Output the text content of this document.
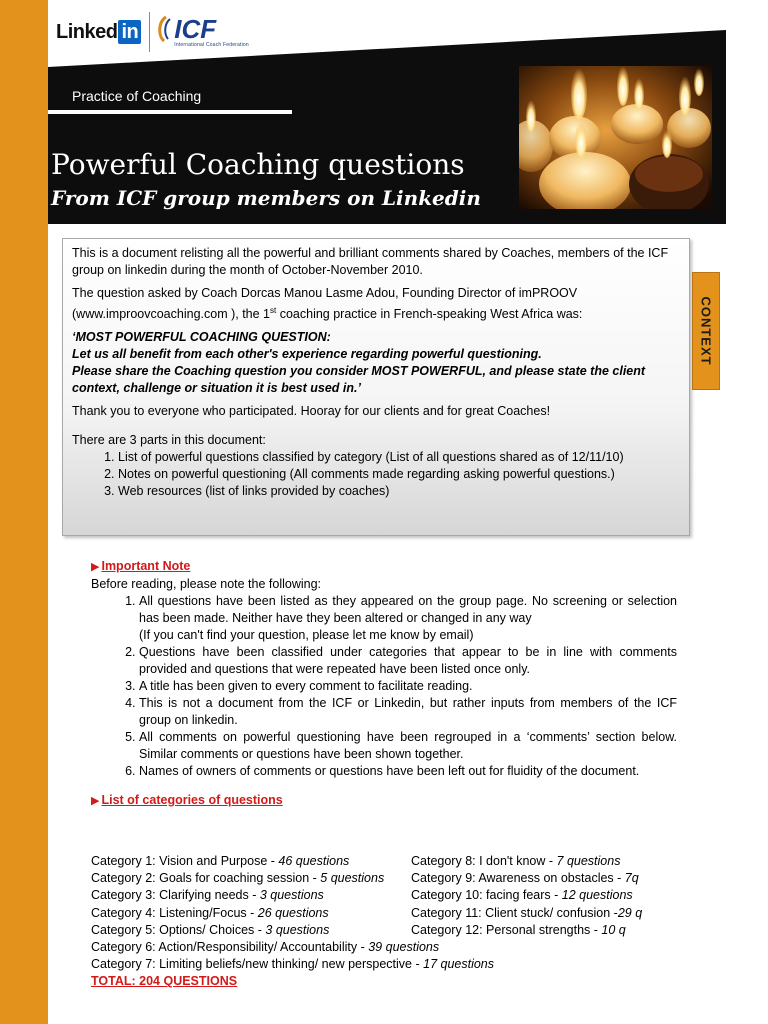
Linked in ICF
International Coach Federation
Practice of Coaching
Powerful Coaching questions
From ICF group members on Linkedin

This is a document relisting all the powerful and brilliant comments shared by Coaches, members of the ICF group on linkedin during the month of October-November 2010.

The question asked by Coach Dorcas Manou Lasme Adou, Founding Director of imPROOV (www.improovcoaching.com ), the 1st coaching practice in French-speaking West Africa was:

‘MOST POWERFUL COACHING QUESTION:
Let us all benefit from each other's experience regarding powerful questioning.
Please share the Coaching question you consider MOST POWERFUL, and please state the client context, challenge or situation it is best used in.’

Thank you to everyone who participated. Hooray for our clients and for great Coaches!

There are 3 parts in this document:

1. List of powerful questions classified by category (List of all questions shared as of 12/11/10)
2. Notes on powerful questioning (All comments made regarding asking powerful questions.)
3. Web resources (list of links provided by coaches)
CONTEXT
▶ Important Note
Before reading, please note the following:
1. All questions have been listed as they appeared on the group page. No screening or selection has been made. Neither have they been altered or changed in any way
(If you can't find your question, please let me know by email)
2. Questions have been classified under categories that appear to be in line with comments provided and questions that were repeated have been listed once only.
3. A title has been given to every comment to facilitate reading.
4. This is not a document from the ICF or Linkedin, but rather inputs from members of the ICF group on linkedin.
5. All comments on powerful questioning have been regrouped in a ‘comments’ section below. Similar comments or questions have been shown together.
6. Names of owners of comments or questions have been left out for fluidity of the document.
▶ List of categories of questions
Category 1: Vision and Purpose - 46 questions	Category 8: I don't know - 7 questions
Category 2: Goals for coaching session - 5 questions	Category 9: Awareness on obstacles - 7q
Category 3: Clarifying needs - 3 questions	Category 10: facing fears - 12 questions
Category 4: Listening/Focus - 26 questions	Category 11: Client stuck/ confusion -29 q
Category 5: Options/ Choices - 3 questions	Category 12: Personal strengths - 10 q
Category 6: Action/Responsibility/ Accountability - 39 questions
Category 7: Limiting beliefs/new thinking/ new perspective - 17 questions
TOTAL: 204 QUESTIONS
